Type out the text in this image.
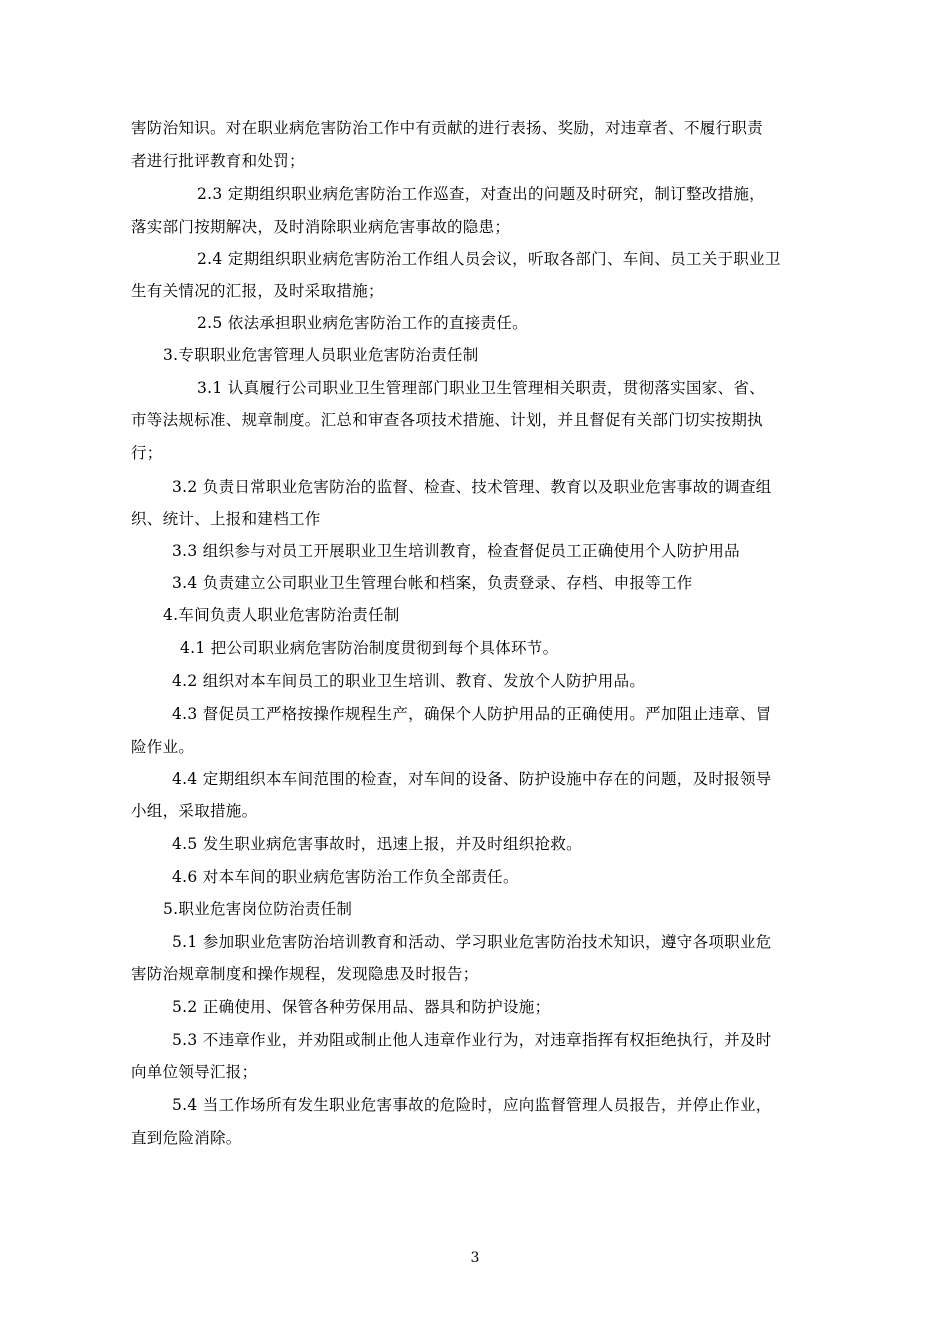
害防治知识。对在职业病危害防治工作中有贡献的进行表扬、奖励，对违章者、不履行职责
者进行批评教育和处罚；
2.3 定期组织职业病危害防治工作巡查，对查出的问题及时研究，制订整改措施，
落实部门按期解决，及时消除职业病危害事故的隐患；
2.4 定期组织职业病危害防治工作组人员会议，听取各部门、车间、员工关于职业卫
生有关情况的汇报，及时采取措施；
2.5 依法承担职业病危害防治工作的直接责任。
3.专职职业危害管理人员职业危害防治责任制
3.1 认真履行公司职业卫生管理部门职业卫生管理相关职责，贯彻落实国家、省、
市等法规标准、规章制度。汇总和审查各项技术措施、计划，并且督促有关部门切实按期执
行；
3.2 负责日常职业危害防治的监督、检查、技术管理、教育以及职业危害事故的调查组
织、统计、上报和建档工作
3.3 组织参与对员工开展职业卫生培训教育，检查督促员工正确使用个人防护用品
3.4 负责建立公司职业卫生管理台帐和档案，负责登录、存档、申报等工作
4.车间负责人职业危害防治责任制
4.1 把公司职业病危害防治制度贯彻到每个具体环节。
4.2 组织对本车间员工的职业卫生培训、教育、发放个人防护用品。
4.3 督促员工严格按操作规程生产，确保个人防护用品的正确使用。严加阻止违章、冒
险作业。
4.4 定期组织本车间范围的检查，对车间的设备、防护设施中存在的问题，及时报领导
小组，采取措施。
4.5 发生职业病危害事故时，迅速上报，并及时组织抢救。
4.6 对本车间的职业病危害防治工作负全部责任。
5.职业危害岗位防治责任制
5.1 参加职业危害防治培训教育和活动、学习职业危害防治技术知识，遵守各项职业危
害防治规章制度和操作规程，发现隐患及时报告；
5.2 正确使用、保管各种劳保用品、器具和防护设施；
5.3 不违章作业，并劝阻或制止他人违章作业行为，对违章指挥有权拒绝执行，并及时
向单位领导汇报；
5.4 当工作场所有发生职业危害事故的危险时，应向监督管理人员报告，并停止作业，
直到危险消除。
3
